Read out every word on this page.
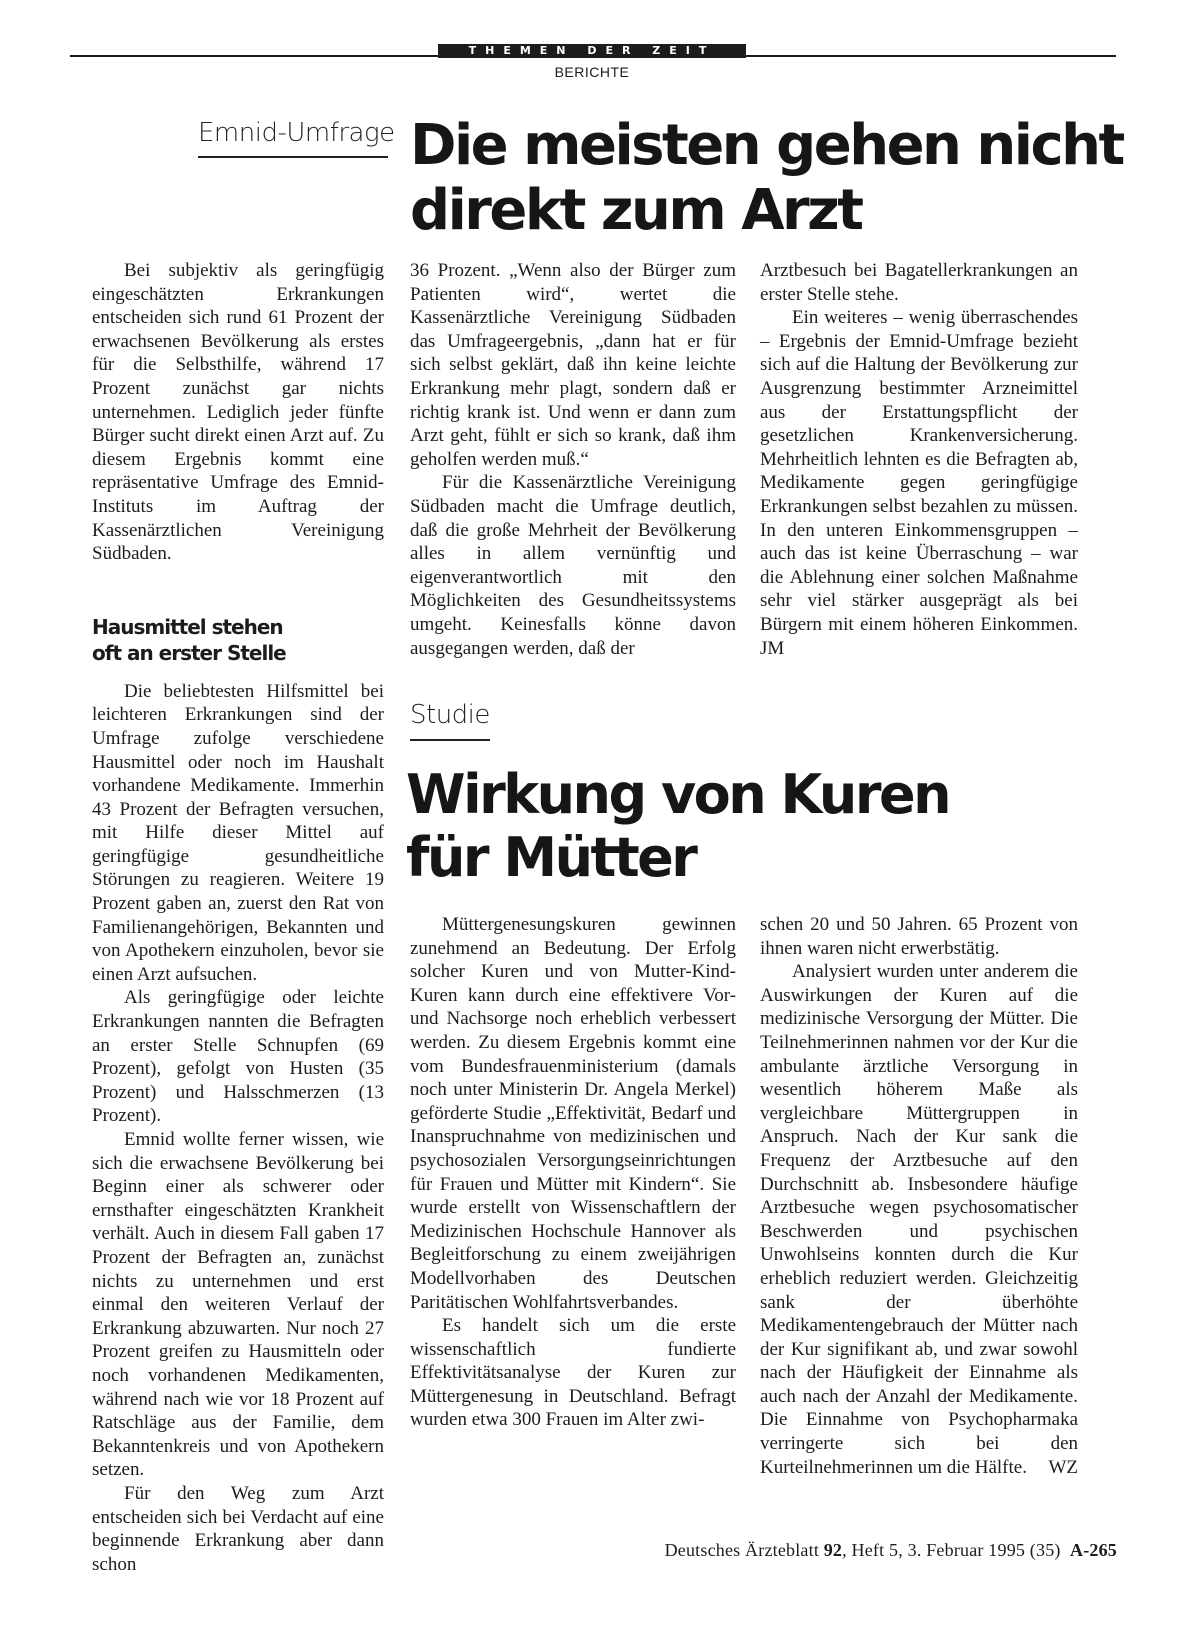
THEMEN DER ZEIT
BERICHTE
Emnid-Umfrage Die meisten gehen nicht
direkt zum Arzt

Bei subjektiv als geringfügig eingeschätzten Erkrankungen entscheiden sich rund 61 Prozent der erwachsenen Bevölkerung als erstes für die Selbsthilfe, während 17 Prozent zunächst gar nichts unternehmen. Lediglich jeder fünfte Bürger sucht direkt einen Arzt auf. Zu diesem Ergebnis kommt eine repräsentative Umfrage des Emnid-Instituts im Auftrag der Kassenärztlichen Vereinigung Südbaden.

Hausmittel stehen
oft an erster Stelle

Die beliebtesten Hilfsmittel bei leichteren Erkrankungen sind der Umfrage zufolge verschiedene Hausmittel oder noch im Haushalt vorhandene Medikamente. Immerhin 43 Prozent der Befragten versuchen, mit Hilfe dieser Mittel auf geringfügige gesundheitliche Störungen zu reagieren. Weitere 19 Prozent gaben an, zuerst den Rat von Familienangehörigen, Bekannten und von Apothekern einzuholen, bevor sie einen Arzt aufsuchen.

Als geringfügige oder leichte Erkrankungen nannten die Befragten an erster Stelle Schnupfen (69 Prozent), gefolgt von Husten (35 Prozent) und Halsschmerzen (13 Prozent).

Emnid wollte ferner wissen, wie sich die erwachsene Bevölkerung bei Beginn einer als schwerer oder ernsthafter eingeschätzten Krankheit verhält. Auch in diesem Fall gaben 17 Prozent der Befragten an, zunächst nichts zu unternehmen und erst einmal den weiteren Verlauf der Erkrankung abzuwarten. Nur noch 27 Prozent greifen zu Hausmitteln oder noch vorhandenen Medikamenten, während nach wie vor 18 Prozent auf Ratschläge aus der Familie, dem Bekanntenkreis und von Apothekern setzen.

Für den Weg zum Arzt entscheiden sich bei Verdacht auf eine beginnende Erkrankung aber dann schon

36 Prozent. „Wenn also der Bürger zum Patienten wird“, wertet die Kassenärztliche Vereinigung Südbaden das Umfrageergebnis, „dann hat er für sich selbst geklärt, daß ihn keine leichte Erkrankung mehr plagt, sondern daß er richtig krank ist. Und wenn er dann zum Arzt geht, fühlt er sich so krank, daß ihm geholfen werden muß.“

Für die Kassenärztliche Vereinigung Südbaden macht die Umfrage deutlich, daß die große Mehrheit der Bevölkerung alles in allem vernünftig und eigenverantwortlich mit den Möglichkeiten des Gesundheitssystems umgeht. Keinesfalls könne davon ausgegangen werden, daß der

Arztbesuch bei Bagatellerkrankungen an erster Stelle stehe.

Ein weiteres – wenig überraschendes – Ergebnis der Emnid-Umfrage bezieht sich auf die Haltung der Bevölkerung zur Ausgrenzung bestimmter Arzneimittel aus der Erstattungspflicht der gesetzlichen Krankenversicherung. Mehrheitlich lehnten es die Befragten ab, Medikamente gegen geringfügige Erkrankungen selbst bezahlen zu müssen. In den unteren Einkommensgruppen – auch das ist keine Überraschung – war die Ablehnung einer solchen Maßnahme sehr viel stärker ausgeprägt als bei Bürgern mit einem höheren Einkommen. JM

Studie
Wirkung von Kuren
für Mütter

Müttergenesungskuren gewinnen zunehmend an Bedeutung. Der Erfolg solcher Kuren und von Mutter-Kind-Kuren kann durch eine effektivere Vor- und Nachsorge noch erheblich verbessert werden. Zu diesem Ergebnis kommt eine vom Bundesfrauenministerium (damals noch unter Ministerin Dr. Angela Merkel) geförderte Studie „Effektivität, Bedarf und Inanspruchnahme von medizinischen und psychosozialen Versorgungseinrichtungen für Frauen und Mütter mit Kindern“. Sie wurde erstellt von Wissenschaftlern der Medizinischen Hochschule Hannover als Begleitforschung zu einem zweijährigen Modellvorhaben des Deutschen Paritätischen Wohlfahrtsverbandes.

Es handelt sich um die erste wissenschaftlich fundierte Effektivitätsanalyse der Kuren zur Müttergenesung in Deutschland. Befragt wurden etwa 300 Frauen im Alter zwi-

schen 20 und 50 Jahren. 65 Prozent von ihnen waren nicht erwerbstätig.

Analysiert wurden unter anderem die Auswirkungen der Kuren auf die medizinische Versorgung der Mütter. Die Teilnehmerinnen nahmen vor der Kur die ambulante ärztliche Versorgung in wesentlich höherem Maße als vergleichbare Müttergruppen in Anspruch. Nach der Kur sank die Frequenz der Arztbesuche auf den Durchschnitt ab. Insbesondere häufige Arztbesuche wegen psychosomatischer Beschwerden und psychischen Unwohlseins konnten durch die Kur erheblich reduziert werden. Gleichzeitig sank der überhöhte Medikamentengebrauch der Mütter nach der Kur signifikant ab, und zwar sowohl nach der Häufigkeit der Einnahme als auch nach der Anzahl der Medikamente. Die Einnahme von Psychopharmaka verringerte sich bei den Kurteilnehmerinnen um die Hälfte. WZ

Deutsches Ärzteblatt 92, Heft 5, 3. Februar 1995 (35) A-265
